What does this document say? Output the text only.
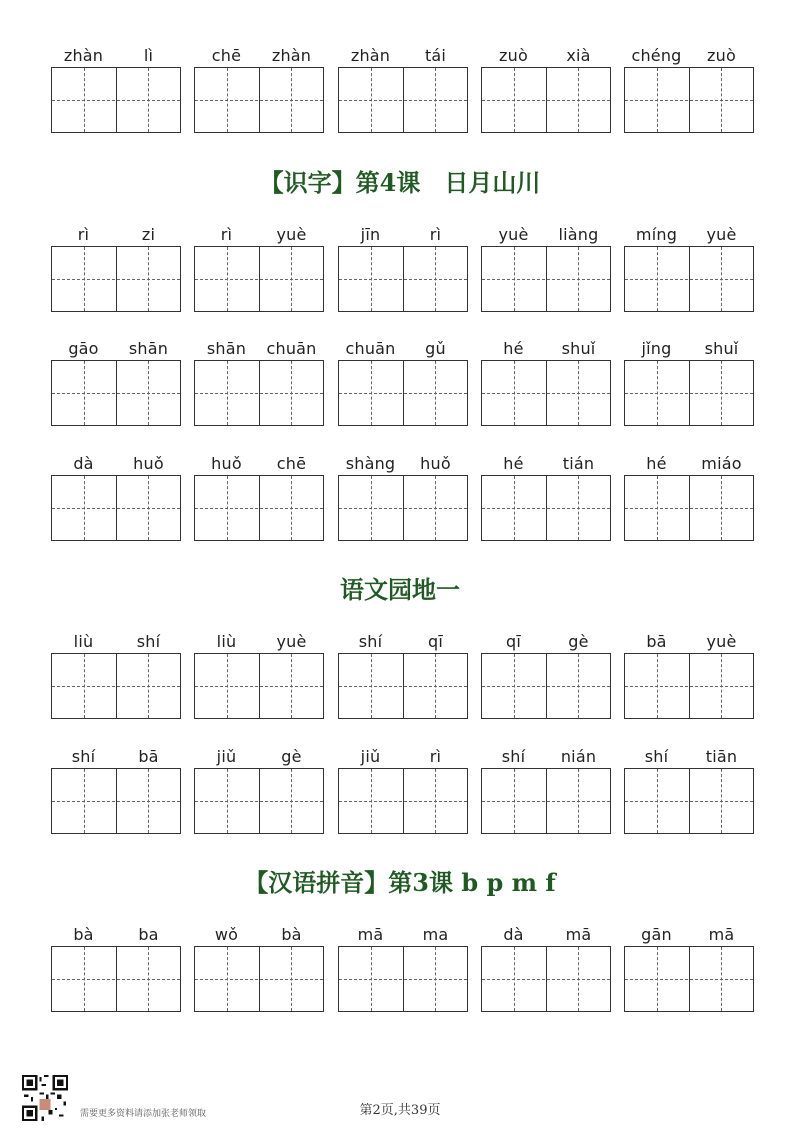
【识字】第4课　日月山川
语文园地一
【汉语拼音】第3课 b p m f
zhàn	lì	chē	zhàn	zhàn	tái	zuò	xià	chéng	zuò
rì	zi	rì	yuè	jīn	rì	yuè	liàng	míng	yuè
gāo	shān	shān	chuān	chuān	gǔ	hé	shuǐ	jǐng	shuǐ
dà	huǒ	huǒ	chē	shàng	huǒ	hé	tián	hé	miáo
liù	shí	liù	yuè	shí	qī	qī	gè	bā	yuè
shí	bā	jiǔ	gè	jiǔ	rì	shí	nián	shí	tiān
bà	ba	wǒ	bà	mā	ma	dà	mā	gān	mā
需要更多资料请添加张老师领取	第2页,共39页
